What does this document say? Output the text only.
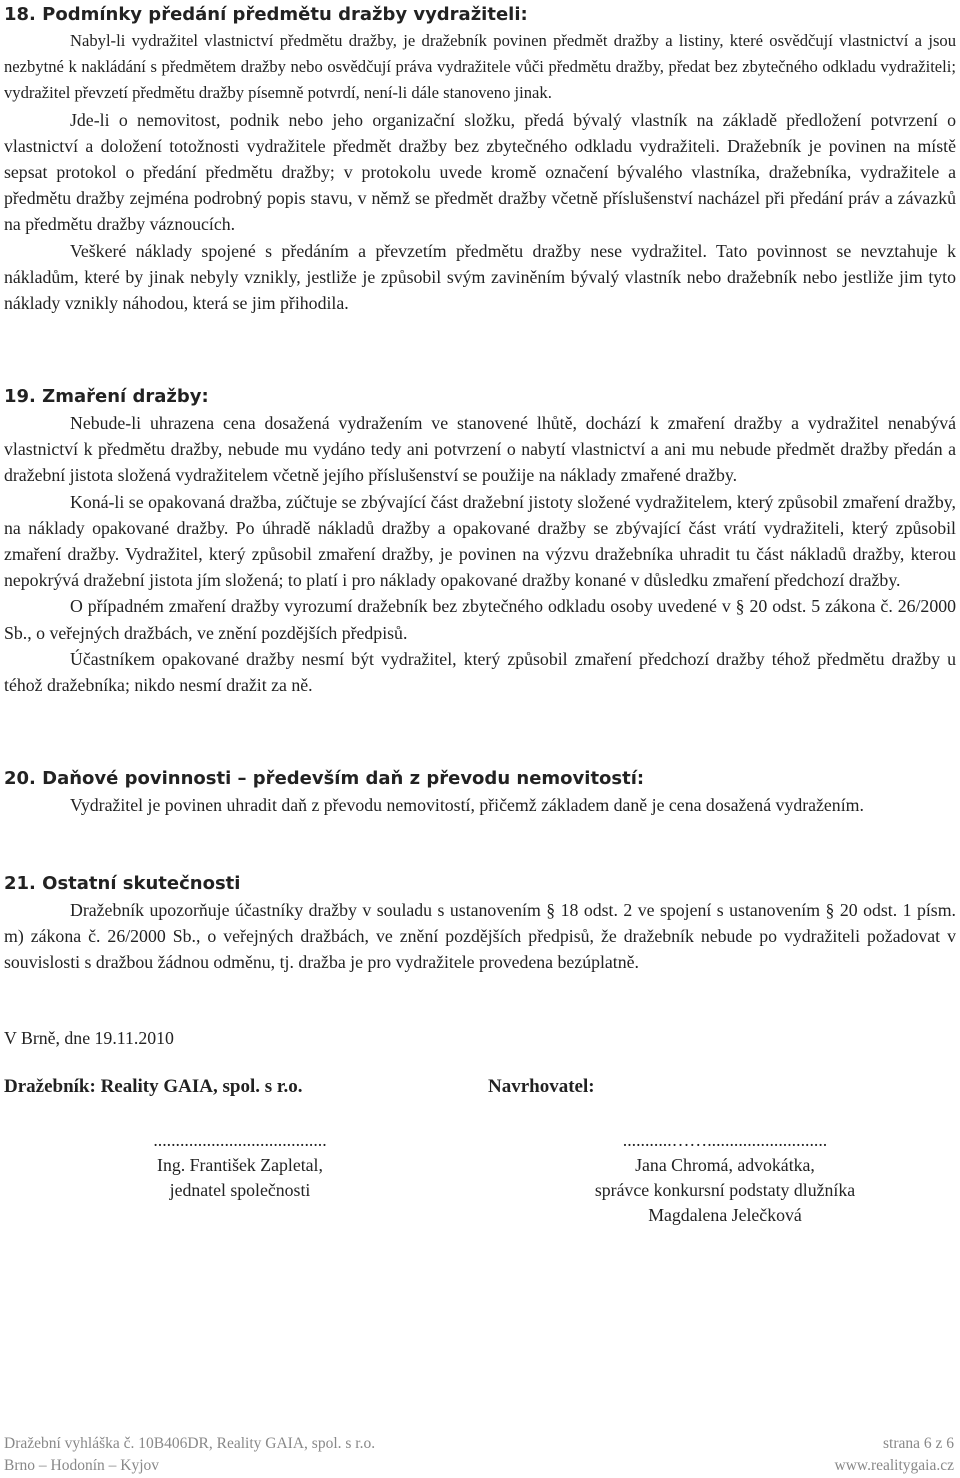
18. Podmínky předání předmětu dražby vydražiteli:

Nabyl-li vydražitel vlastnictví předmětu dražby, je dražebník povinen předmět dražby a listiny, které osvědčují vlastnictví a jsou nezbytné k nakládání s předmětem dražby nebo osvědčují práva vydražitele vůči předmětu dražby, předat bez zbytečného odkladu vydražiteli; vydražitel převzetí předmětu dražby písemně potvrdí, není-li dále stanoveno jinak.

Jde-li o nemovitost, podnik nebo jeho organizační složku, předá bývalý vlastník na základě předložení potvrzení o vlastnictví a doložení totožnosti vydražitele předmět dražby bez zbytečného odkladu vydražiteli. Dražebník je povinen na místě sepsat protokol o předání předmětu dražby; v protokolu uvede kromě označení bývalého vlastníka, dražebníka, vydražitele a předmětu dražby zejména podrobný popis stavu, v němž se předmět dražby včetně příslušenství nacházel při předání práv a závazků na předmětu dražby váznoucích.

Veškeré náklady spojené s předáním a převzetím předmětu dražby nese vydražitel. Tato povinnost se nevztahuje k nákladům, které by jinak nebyly vznikly, jestliže je způsobil svým zaviněním bývalý vlastník nebo dražebník nebo jestliže jim tyto náklady vznikly náhodou, která se jim přihodila.

19. Zmaření dražby:

Nebude-li uhrazena cena dosažená vydražením ve stanovené lhůtě, dochází k zmaření dražby a vydražitel nenabývá vlastnictví k předmětu dražby, nebude mu vydáno tedy ani potvrzení o nabytí vlastnictví a ani mu nebude předmět dražby předán a dražební jistota složená vydražitelem včetně jejího příslušenství se použije na náklady zmařené dražby.

Koná-li se opakovaná dražba, zúčtuje se zbývající část dražební jistoty složené vydražitelem, který způsobil zmaření dražby, na náklady opakované dražby. Po úhradě nákladů dražby a opakované dražby se zbývající část vrátí vydražiteli, který způsobil zmaření dražby. Vydražitel, který způsobil zmaření dražby, je povinen na výzvu dražebníka uhradit tu část nákladů dražby, kterou nepokrývá dražební jistota jím složená; to platí i pro náklady opakované dražby konané v důsledku zmaření předchozí dražby.

O případném zmaření dražby vyrozumí dražebník bez zbytečného odkladu osoby uvedené v § 20 odst. 5 zákona č. 26/2000 Sb., o veřejných dražbách, ve znění pozdějších předpisů.

Účastníkem opakované dražby nesmí být vydražitel, který způsobil zmaření předchozí dražby téhož předmětu dražby u téhož dražebníka; nikdo nesmí dražit za ně.

20. Daňové povinnosti – především daň z převodu nemovitostí:

Vydražitel je povinen uhradit daň z převodu nemovitostí, přičemž základem daně je cena dosažená vydražením.

21. Ostatní skutečnosti

Dražebník upozorňuje účastníky dražby v souladu s ustanovením § 18 odst. 2 ve spojení s ustanovením § 20 odst. 1 písm. m) zákona č. 26/2000 Sb., o veřejných dražbách, ve znění pozdějších předpisů, že dražebník nebude po vydražiteli požadovat v souvislosti s dražbou žádnou odměnu, tj. dražba je pro vydražitele provedena bezúplatně.

V Brně, dne 19.11.2010
Dražebník: Reality GAIA, spol. s r.o.	Navrhovatel:
.......................................
Ing. František Zapletal,
jednatel společnosti
...........……...........................
Jana Chromá, advokátka,
správce konkursní podstaty dlužníka
Magdalena Jelečková
Dražební vyhláška č. 10B406DR, Reality GAIA, spol. s r.o.
Brno – Hodonín – Kyjov
strana 6 z 6
www.realitygaia.cz
